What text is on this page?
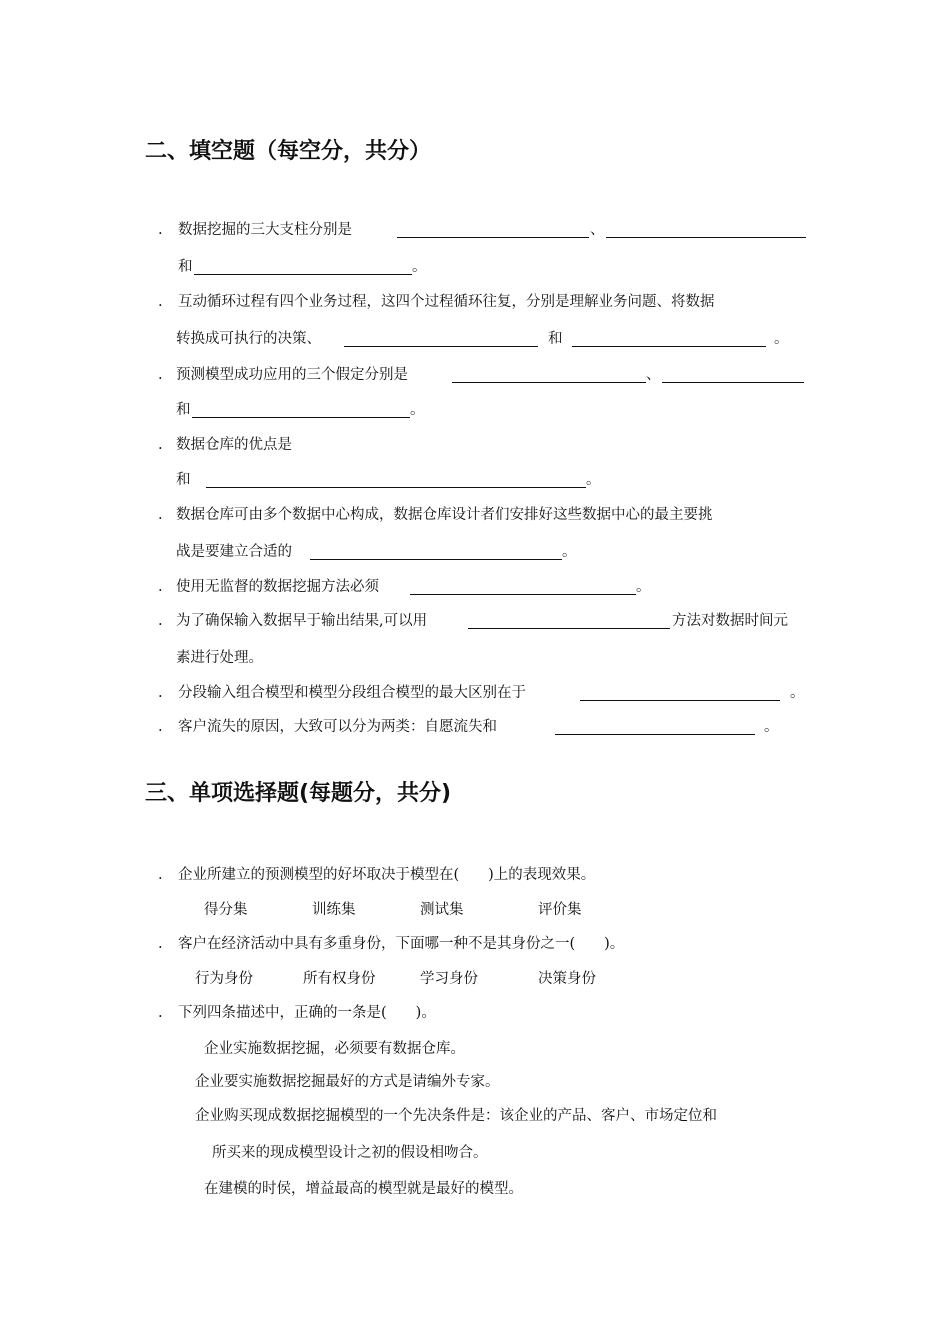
二、填空题（每空分，共分）
. 数据挖掘的三大支柱分别是	、
和	。
. 互动循环过程有四个业务过程，这四个过程循环往复，分别是理解业务问题、将数据
转换成可执行的决策、	和	。
. 预测模型成功应用的三个假定分别是	、
和	。
. 数据仓库的优点是
和	。
. 数据仓库可由多个数据中心构成，数据仓库设计者们安排好这些数据中心的最主要挑
战是要建立合适的	。
. 使用无监督的数据挖掘方法必须	。
. 为了确保输入数据早于输出结果,可以用	方法对数据时间元
素进行处理。
. 分段输入组合模型和模型分段组合模型的最大区别在于	。
. 客户流失的原因，大致可以分为两类：自愿流失和	。
三、单项选择题(每题分，共分)
. 企业所建立的预测模型的好坏取决于模型在(　　)上的表现效果。
得分集	训练集	测试集	评价集
. 客户在经济活动中具有多重身份，下面哪一种不是其身份之一(　　)。
行为身份	所有权身份	学习身份	决策身份
. 下列四条描述中，正确的一条是(　　)。
企业实施数据挖掘，必须要有数据仓库。
企业要实施数据挖掘最好的方式是请编外专家。
企业购买现成数据挖掘模型的一个先决条件是：该企业的产品、客户、市场定位和
所买来的现成模型设计之初的假设相吻合。
在建模的时侯，增益最高的模型就是最好的模型。
